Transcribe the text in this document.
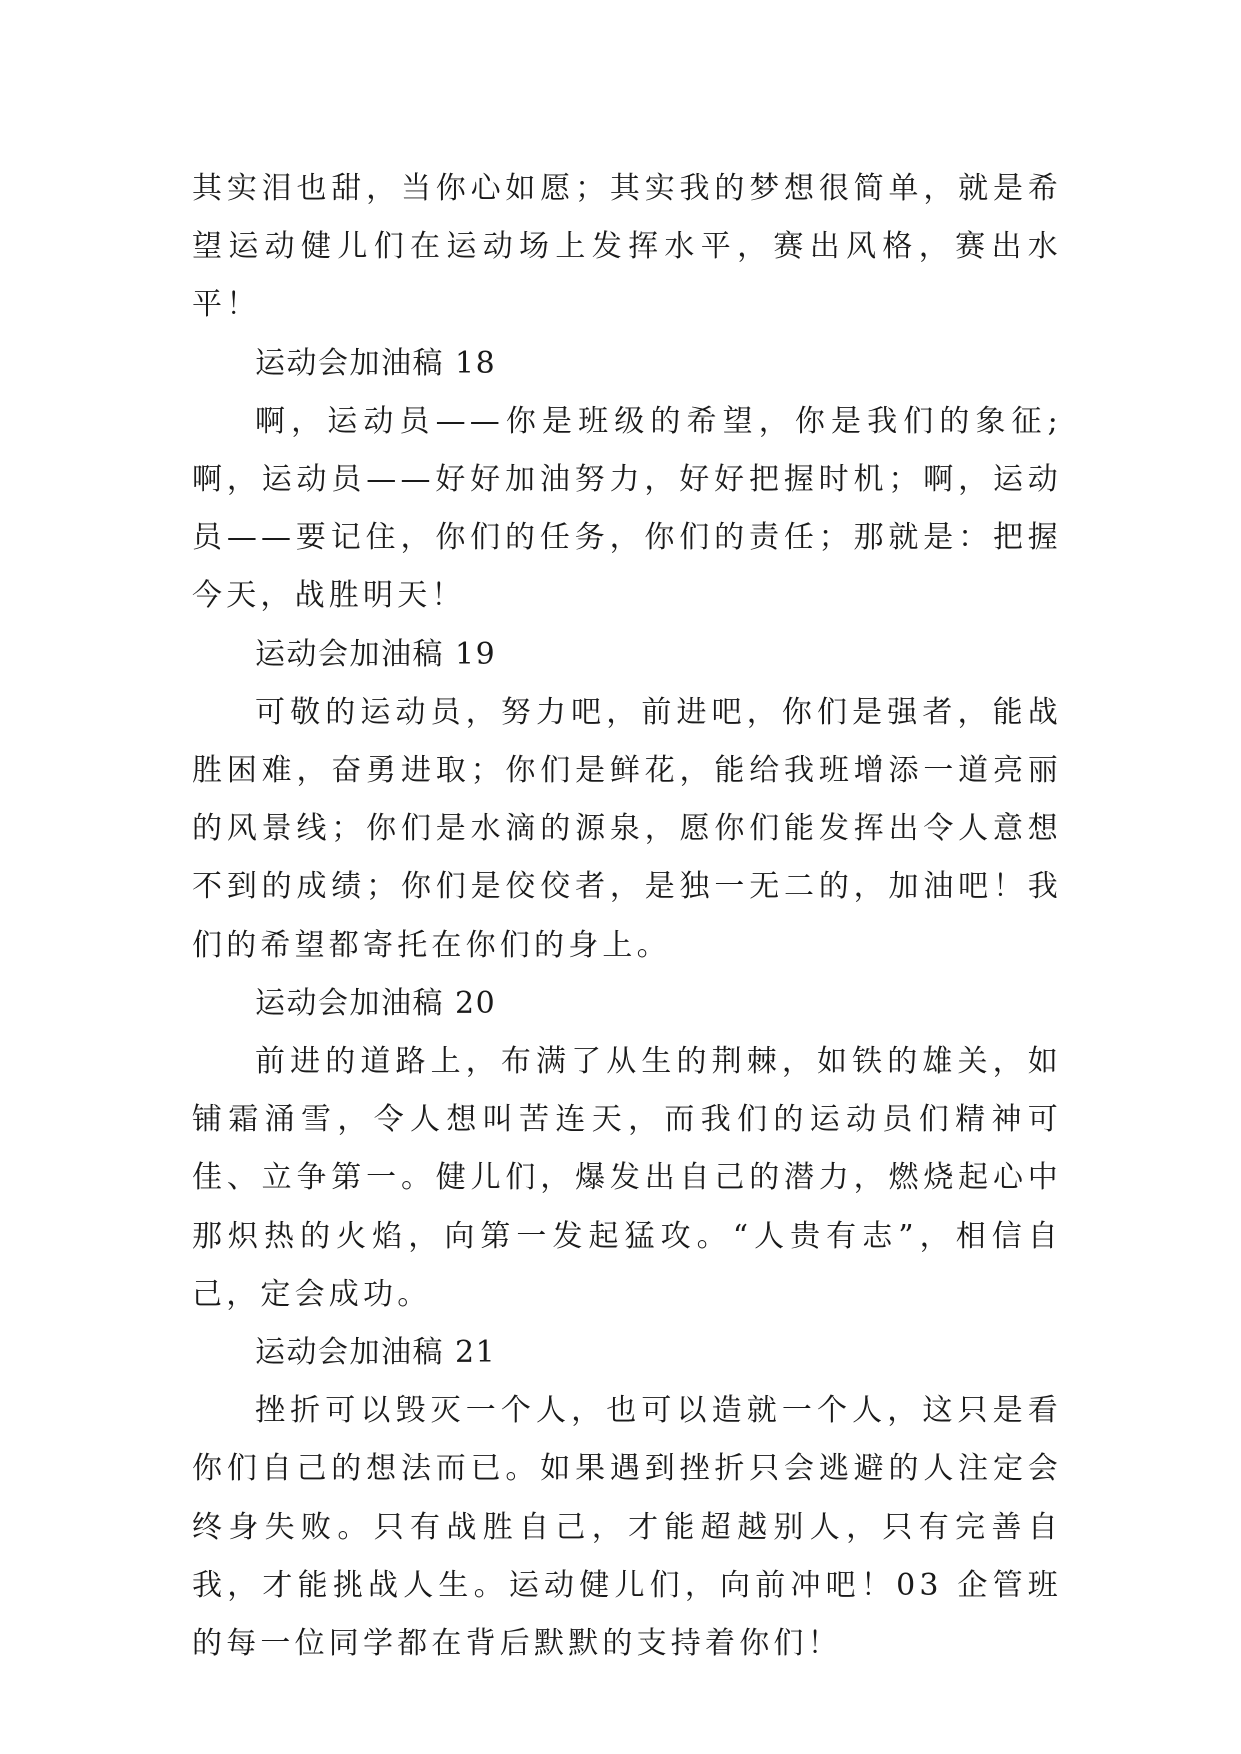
其实泪也甜，当你心如愿；其实我的梦想很简单，就是希望运动健儿们在运动场上发挥水平，赛出风格，赛出水平！

运动会加油稿 18

啊，运动员——你是班级的希望，你是我们的象征;啊，运动员——好好加油努力，好好把握时机；啊，运动员——要记住，你们的任务，你们的责任；那就是：把握今天，战胜明天！

运动会加油稿 19

可敬的运动员，努力吧，前进吧，你们是强者，能战胜困难，奋勇进取；你们是鲜花，能给我班增添一道亮丽的风景线；你们是水滴的源泉，愿你们能发挥出令人意想不到的成绩；你们是佼佼者，是独一无二的，加油吧！我们的希望都寄托在你们的身上。

运动会加油稿 20

前进的道路上，布满了从生的荆棘，如铁的雄关，如铺霜涌雪，令人想叫苦连天，而我们的运动员们精神可佳、立争第一。健儿们，爆发出自己的潜力，燃烧起心中那炽热的火焰，向第一发起猛攻。“人贵有志”，相信自己，定会成功。

运动会加油稿 21

挫折可以毁灭一个人，也可以造就一个人，这只是看你们自己的想法而已。如果遇到挫折只会逃避的人注定会终身失败。只有战胜自己，才能超越别人，只有完善自我，才能挑战人生。运动健儿们，向前冲吧！03 企管班的每一位同学都在背后默默的支持着你们！
